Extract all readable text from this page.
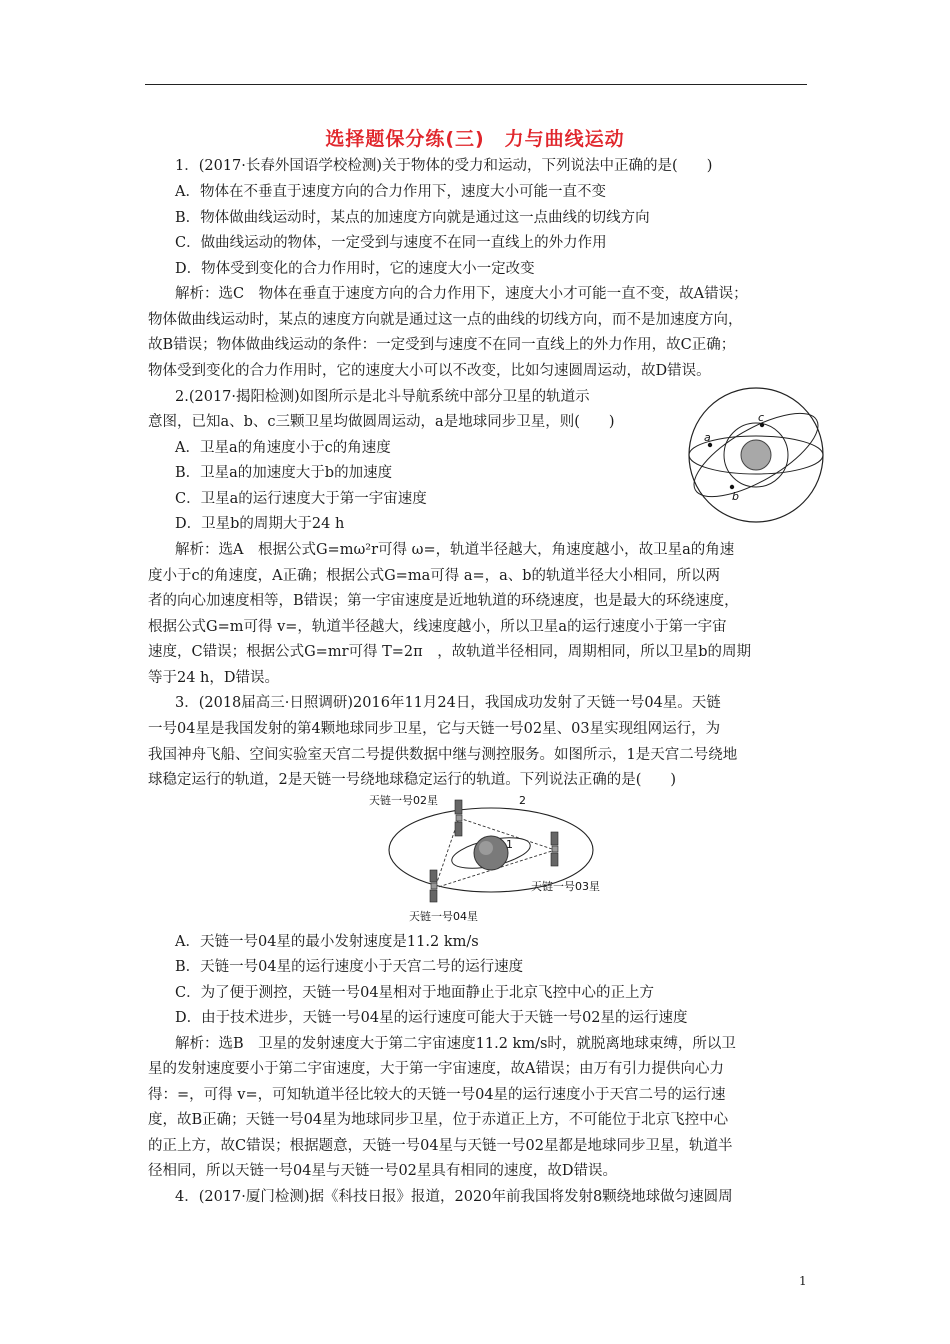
选择题保分练(三)　力与曲线运动
1．(2017·长春外国语学校检测)关于物体的受力和运动，下列说法中正确的是(　　)
A．物体在不垂直于速度方向的合力作用下，速度大小可能一直不变
B．物体做曲线运动时，某点的加速度方向就是通过这一点曲线的切线方向
C．做曲线运动的物体，一定受到与速度不在同一直线上的外力作用
D．物体受到变化的合力作用时，它的速度大小一定改变
解析：选C　物体在垂直于速度方向的合力作用下，速度大小才可能一直不变，故A错误；
物体做曲线运动时，某点的速度方向就是通过这一点的曲线的切线方向，而不是加速度方向，
故B错误；物体做曲线运动的条件：一定受到与速度不在同一直线上的外力作用，故C正确；
物体受到变化的合力作用时，它的速度大小可以不改变，比如匀速圆周运动，故D错误。
2.(2017·揭阳检测)如图所示是北斗导航系统中部分卫星的轨道示
意图，已知a、b、c三颗卫星均做圆周运动，a是地球同步卫星，则(　　)
A．卫星a的角速度小于c的角速度
B．卫星a的加速度大于b的加速度
C．卫星a的运行速度大于第一宇宙速度
D．卫星b的周期大于24 h
a
b
c
解析：选A　根据公式G=mω²r可得 ω=，轨道半径越大，角速度越小，故卫星a的角速
度小于c的角速度，A正确；根据公式G=ma可得 a=，a、b的轨道半径大小相同，所以两
者的向心加速度相等，B错误；第一宇宙速度是近地轨道的环绕速度，也是最大的环绕速度，
根据公式G=m可得 v=，轨道半径越大，线速度越小，所以卫星a的运行速度小于第一宇宙
速度，C错误；根据公式G=mr可得 T=2π　，故轨道半径相同，周期相同，所以卫星b的周期
等于24 h，D错误。
3．(2018届高三·日照调研)2016年11月24日，我国成功发射了天链一号04星。天链
一号04星是我国发射的第4颗地球同步卫星，它与天链一号02星、03星实现组网运行，为
我国神舟飞船、空间实验室天宫二号提供数据中继与测控服务。如图所示，1是天宫二号绕地
球稳定运行的轨道，2是天链一号绕地球稳定运行的轨道。下列说法正确的是(　　)
天链一号02星
天链一号03星
天链一号04星
1
2
A．天链一号04星的最小发射速度是11.2 km/s
B．天链一号04星的运行速度小于天宫二号的运行速度
C．为了便于测控，天链一号04星相对于地面静止于北京飞控中心的正上方
D．由于技术进步，天链一号04星的运行速度可能大于天链一号02星的运行速度
解析：选B　卫星的发射速度大于第二宇宙速度11.2 km/s时，就脱离地球束缚，所以卫
星的发射速度要小于第二宇宙速度，大于第一宇宙速度，故A错误；由万有引力提供向心力
得：=，可得 v=，可知轨道半径比较大的天链一号04星的运行速度小于天宫二号的运行速
度，故B正确；天链一号04星为地球同步卫星，位于赤道正上方，不可能位于北京飞控中心
的正上方，故C错误；根据题意，天链一号04星与天链一号02星都是地球同步卫星，轨道半
径相同，所以天链一号04星与天链一号02星具有相同的速度，故D错误。
4．(2017·厦门检测)据《科技日报》报道，2020年前我国将发射8颗绕地球做匀速圆周
1
